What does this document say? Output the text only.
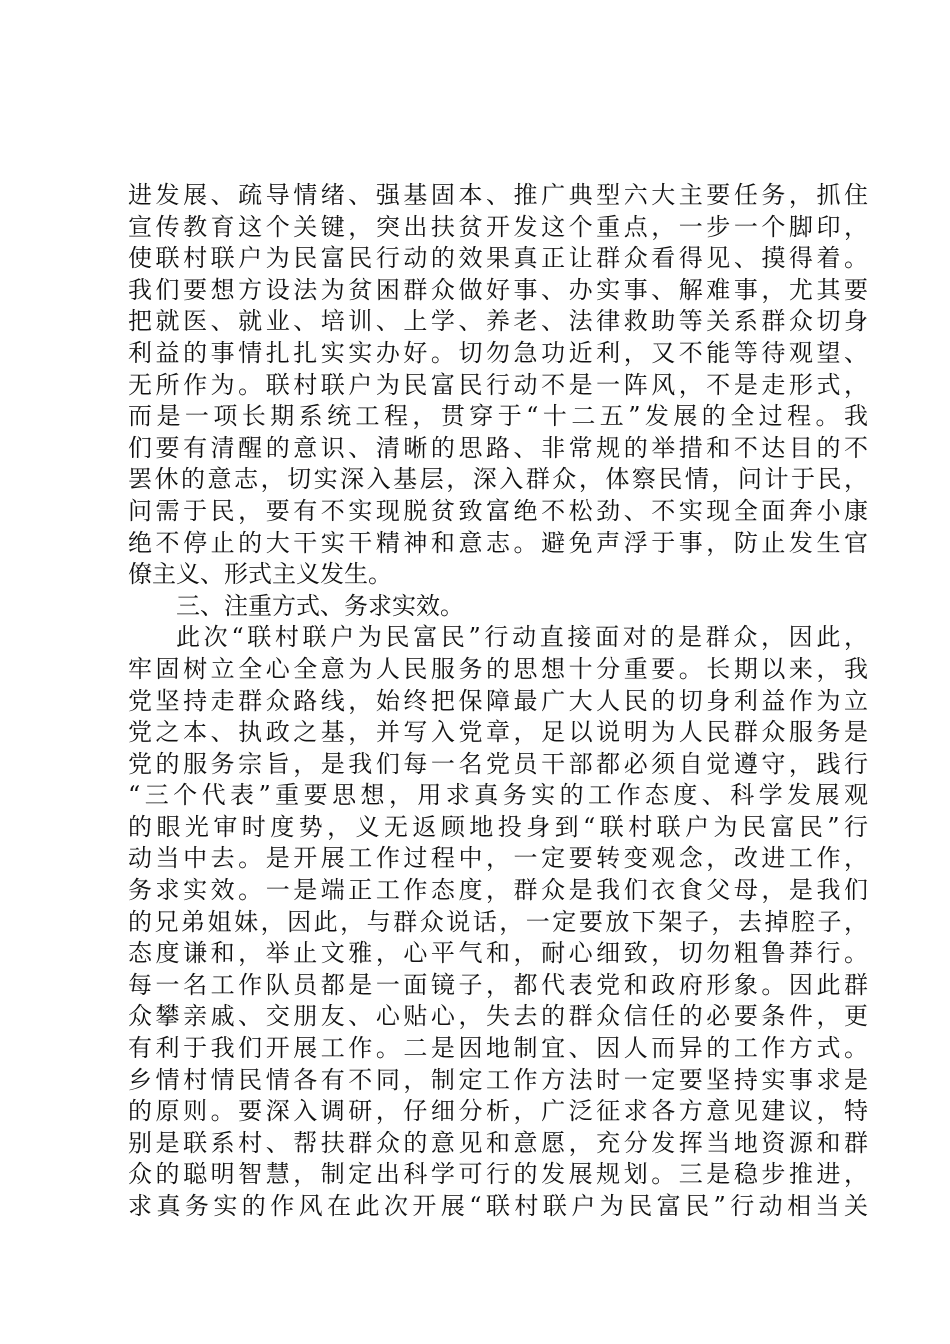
进发展、疏导情绪、强基固本、推广典型六大主要任务，抓住
宣传教育这个关键，突出扶贫开发这个重点，一步一个脚印，
使联村联户为民富民行动的效果真正让群众看得见、摸得着。
我们要想方设法为贫困群众做好事、办实事、解难事，尤其要
把就医、就业、培训、上学、养老、法律救助等关系群众切身
利益的事情扎扎实实办好。切勿急功近利，又不能等待观望、
无所作为。联村联户为民富民行动不是一阵风，不是走形式，
而是一项长期系统工程，贯穿于“十二五”发展的全过程。我
们要有清醒的意识、清晰的思路、非常规的举措和不达目的不
罢休的意志，切实深入基层，深入群众，体察民情，问计于民，
问需于民，要有不实现脱贫致富绝不松劲、不实现全面奔小康
绝不停止的大干实干精神和意志。避免声浮于事，防止发生官
僚主义、形式主义发生。
三、注重方式、务求实效。
此次“联村联户为民富民”行动直接面对的是群众，因此，
牢固树立全心全意为人民服务的思想十分重要。长期以来，我
党坚持走群众路线，始终把保障最广大人民的切身利益作为立
党之本、执政之基，并写入党章，足以说明为人民群众服务是
党的服务宗旨，是我们每一名党员干部都必须自觉遵守，践行
“三个代表”重要思想，用求真务实的工作态度、科学发展观
的眼光审时度势，义无返顾地投身到“联村联户为民富民”行
动当中去。是开展工作过程中，一定要转变观念，改进工作，
务求实效。一是端正工作态度，群众是我们衣食父母，是我们
的兄弟姐妹，因此，与群众说话，一定要放下架子，去掉腔子，
态度谦和，举止文雅，心平气和，耐心细致，切勿粗鲁莽行。
每一名工作队员都是一面镜子，都代表党和政府形象。因此群
众攀亲戚、交朋友、心贴心，失去的群众信任的必要条件，更
有利于我们开展工作。二是因地制宜、因人而异的工作方式。
乡情村情民情各有不同，制定工作方法时一定要坚持实事求是
的原则。要深入调研，仔细分析，广泛征求各方意见建议，特
别是联系村、帮扶群众的意见和意愿，充分发挥当地资源和群
众的聪明智慧，制定出科学可行的发展规划。三是稳步推进，
求真务实的作风在此次开展“联村联户为民富民”行动相当关
